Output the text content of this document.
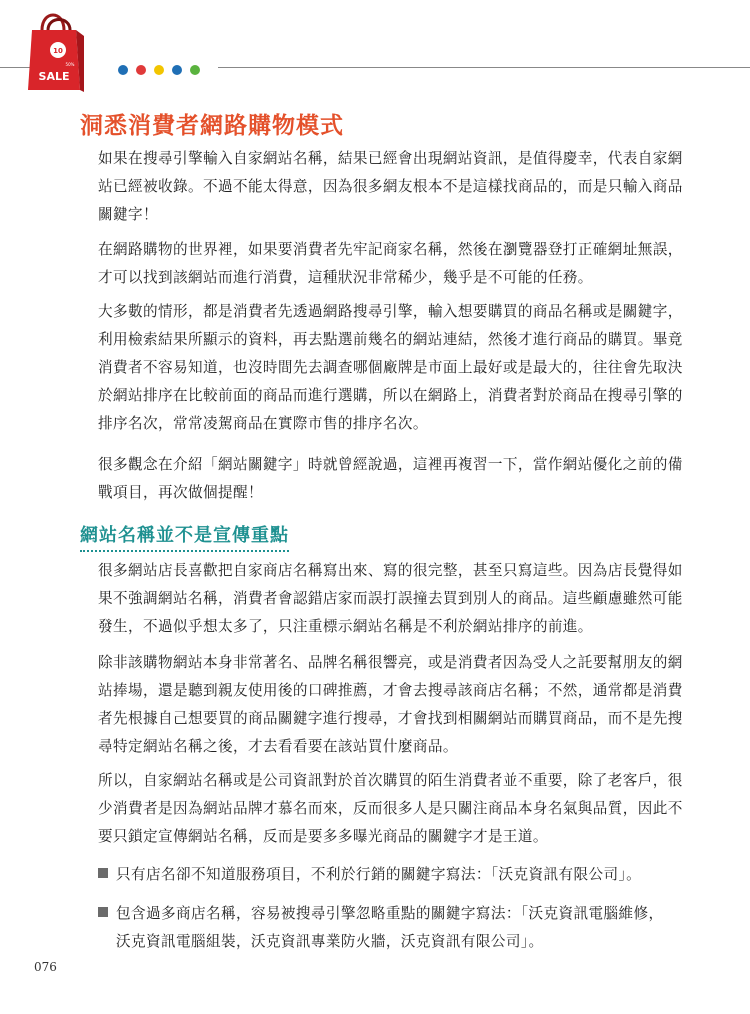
10
50%
SALE
洞悉消費者網路購物模式

如果在搜尋引擎輸入自家網站名稱，結果已經會出現網站資訊，是值得慶幸，代表自家網站已經被收錄。不過不能太得意，因為很多網友根本不是這樣找商品的，而是只輸入商品關鍵字！

在網路購物的世界裡，如果要消費者先牢記商家名稱，然後在瀏覽器登打正確網址無誤，才可以找到該網站而進行消費，這種狀況非常稀少，幾乎是不可能的任務。

大多數的情形，都是消費者先透過網路搜尋引擎，輸入想要購買的商品名稱或是關鍵字，利用檢索結果所顯示的資料，再去點選前幾名的網站連結，然後才進行商品的購買。畢竟消費者不容易知道，也沒時間先去調查哪個廠牌是市面上最好或是最大的，往往會先取決於網站排序在比較前面的商品而進行選購，所以在網路上，消費者對於商品在搜尋引擎的排序名次，常常凌駕商品在實際市售的排序名次。

很多觀念在介紹「網站關鍵字」時就曾經說過，這裡再複習一下，當作網站優化之前的備戰項目，再次做個提醒！

網站名稱並不是宣傳重點

很多網站店長喜歡把自家商店名稱寫出來、寫的很完整，甚至只寫這些。因為店長覺得如果不強調網站名稱，消費者會認錯店家而誤打誤撞去買到別人的商品。這些顧慮雖然可能發生，不過似乎想太多了，只注重標示網站名稱是不利於網站排序的前進。

除非該購物網站本身非常著名、品牌名稱很響亮，或是消費者因為受人之託要幫朋友的網站捧場，還是聽到親友使用後的口碑推薦，才會去搜尋該商店名稱；不然，通常都是消費者先根據自己想要買的商品關鍵字進行搜尋，才會找到相關網站而購買商品，而不是先搜尋特定網站名稱之後，才去看看要在該站買什麼商品。

所以，自家網站名稱或是公司資訊對於首次購買的陌生消費者並不重要，除了老客戶，很少消費者是因為網站品牌才慕名而來，反而很多人是只關注商品本身名氣與品質，因此不要只鎖定宣傳網站名稱，反而是要多多曝光商品的關鍵字才是王道。

只有店名卻不知道服務項目，不利於行銷的關鍵字寫法：「沃克資訊有限公司」。
包含過多商店名稱，容易被搜尋引擎忽略重點的關鍵字寫法：「沃克資訊電腦維修，
沃克資訊電腦組裝，沃克資訊專業防火牆，沃克資訊有限公司」。
076
